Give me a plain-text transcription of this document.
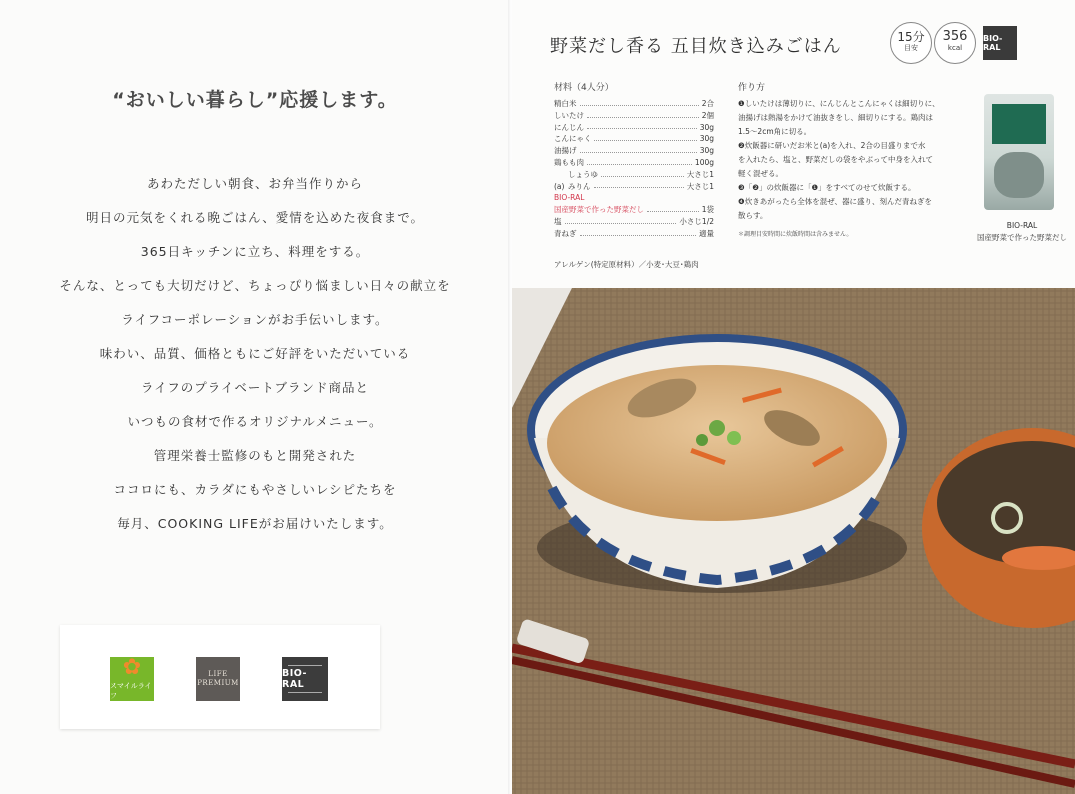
“おいしい暮らし”応援します。
あわただしい朝食、お弁当作りから
明日の元気をくれる晩ごはん、愛情を込めた夜食まで。
365日キッチンに立ち、料理をする。
そんな、とっても大切だけど、ちょっぴり悩ましい日々の献立を
ライフコーポレーションがお手伝いします。
味わい、品質、価格ともにご好評をいただいている
ライフのプライベートブランド商品と
いつもの食材で作るオリジナルメニュー。
管理栄養士監修のもと開発された
ココロにも、カラダにもやさしいレシピたちを
毎月、COOKING LIFEがお届けいたします。
✿
スマイルライフ
LIFE PREMIUM
BIO-RAL
野菜だし香る 五目炊き込みごはん	15分
目安
356
kcal
BIO-RAL
材料（4人分）
精白米	2合
しいたけ	2個
にんじん	30g
こんにゃく	30g
油揚げ	30g
鶏もも肉	100g
しょうゆ	大さじ1
みりん	大さじ1
BIO-RAL
国産野菜で作った野菜だし	1袋
塩	小さじ1/2
青ねぎ	適量
(a)
アレルゲン(特定原材料）／小麦･大豆･鶏肉
作り方
❶しいたけは薄切りに、にんじんとこんにゃくは細切りに、
油揚げは熱湯をかけて油抜きをし、細切りにする。鶏肉は
1.5〜2cm角に切る。
❷炊飯器に研いだお米と(a)を入れ、2合の目盛りまで水
を入れたら、塩と、野菜だしの袋をやぶって中身を入れて
軽く混ぜる。
❸「❷」の炊飯器に「❶」をすべてのせて炊飯する。
❹炊きあがったら全体を混ぜ、器に盛り、刻んだ青ねぎを
散らす。
＊調理目安時間に炊飯時間は含みません。
BIO-RAL
国産野菜で作った野菜だし
